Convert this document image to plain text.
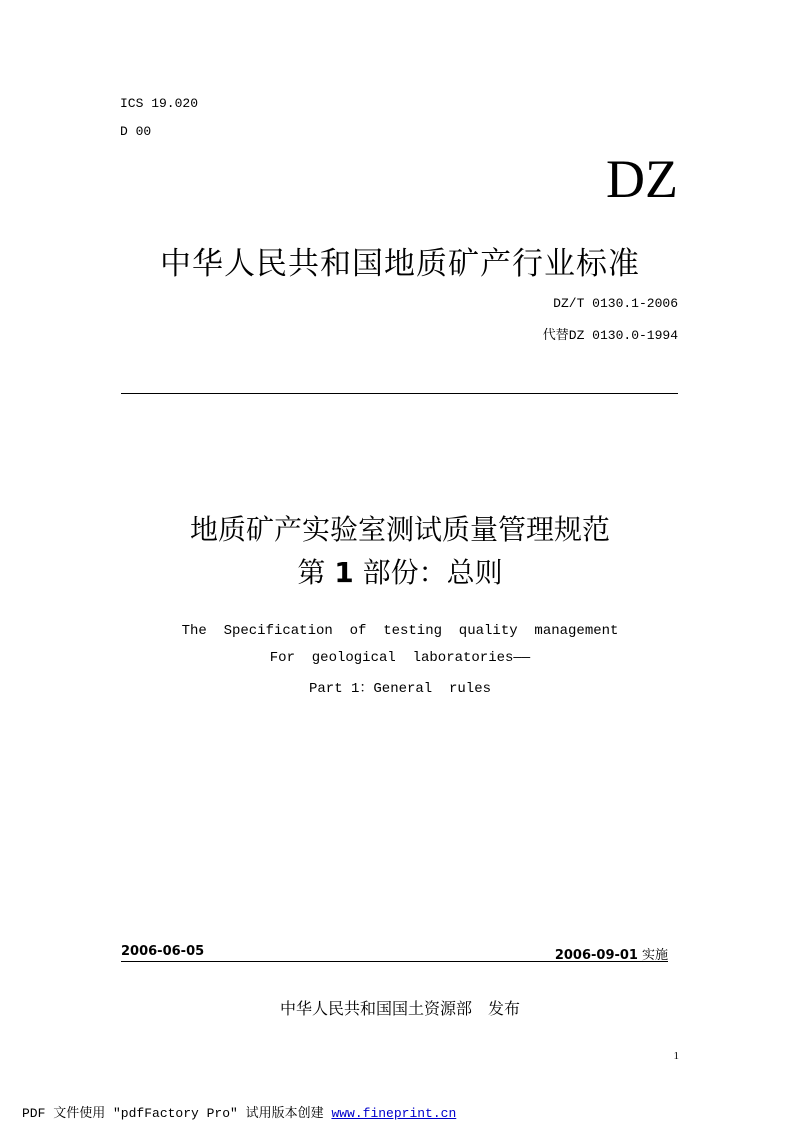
ICS 19.020
D 00
DZ
中华人民共和国地质矿产行业标准
DZ/T 0130.1-2006
代替DZ 0130.0-1994
地质矿产实验室测试质量管理规范
第 1 部份：总则
The  Specification  of  testing  quality  management
For  geological  laboratories——
Part 1：General  rules
2006-06-05	2006-09-01 实施
中华人民共和国国土资源部 发布
1
PDF 文件使用 "pdfFactory Pro" 试用版本创建 www.fineprint.cn
